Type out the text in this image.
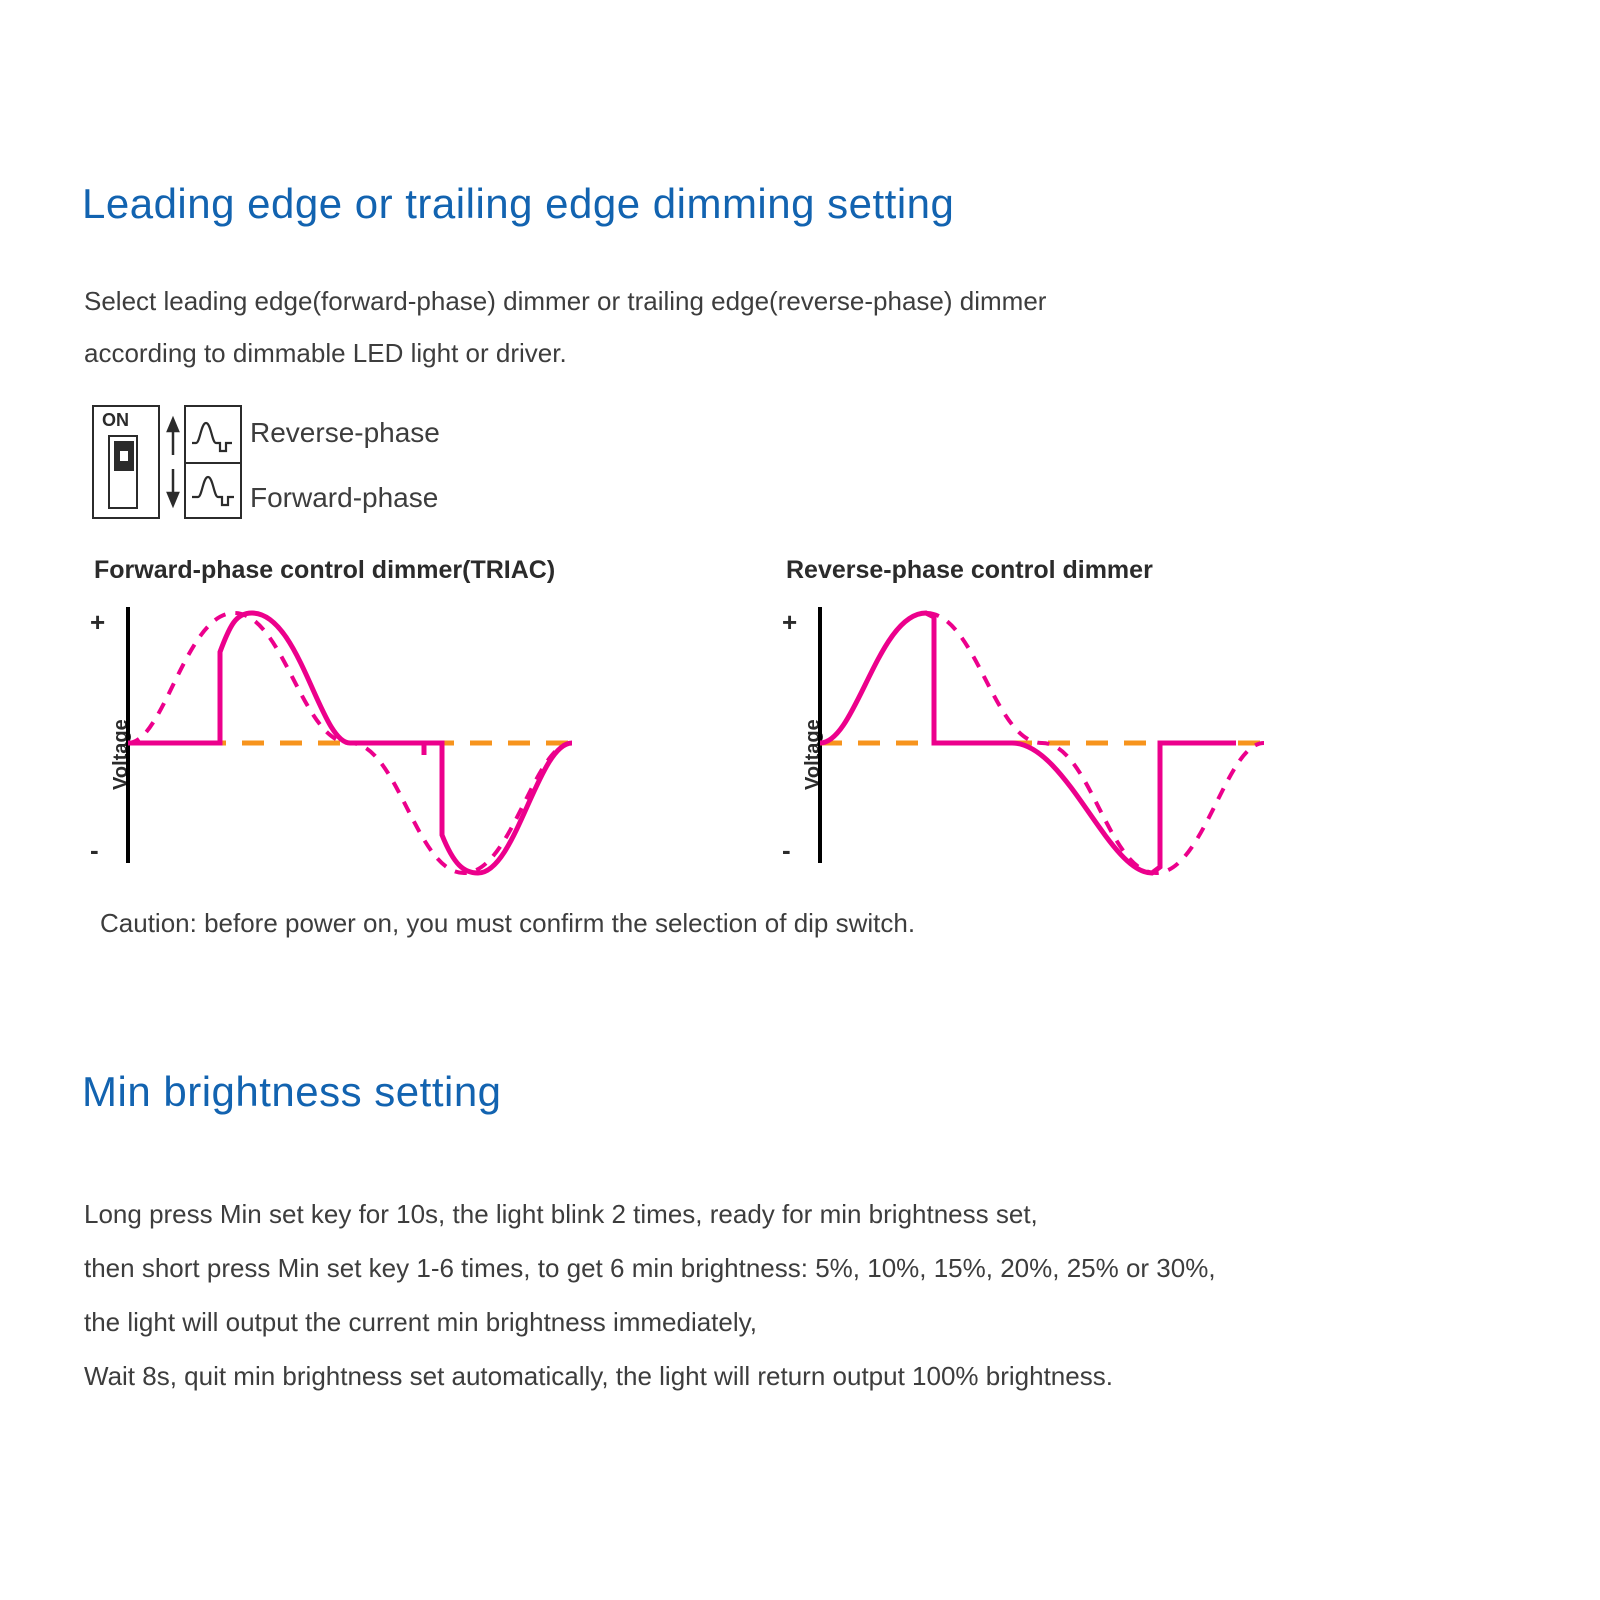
Leading edge or trailing edge dimming setting
Select leading edge(forward-phase) dimmer or trailing edge(reverse-phase) dimmer
according to dimmable LED light or driver.
ON	Reverse-phase
Forward-phase
Forward-phase control dimmer(TRIAC)
+
-
Voltage
Reverse-phase control dimmer
+
-
Voltage
Caution: before power on, you must confirm the selection of dip switch.
Min brightness setting
Long press Min set key for 10s, the light blink 2 times, ready for min brightness set,
then short press Min set key 1-6 times, to get 6 min brightness: 5%, 10%, 15%, 20%, 25% or 30%,
the light will output the current min brightness immediately,
Wait 8s, quit min brightness set automatically, the light will return output 100% brightness.
